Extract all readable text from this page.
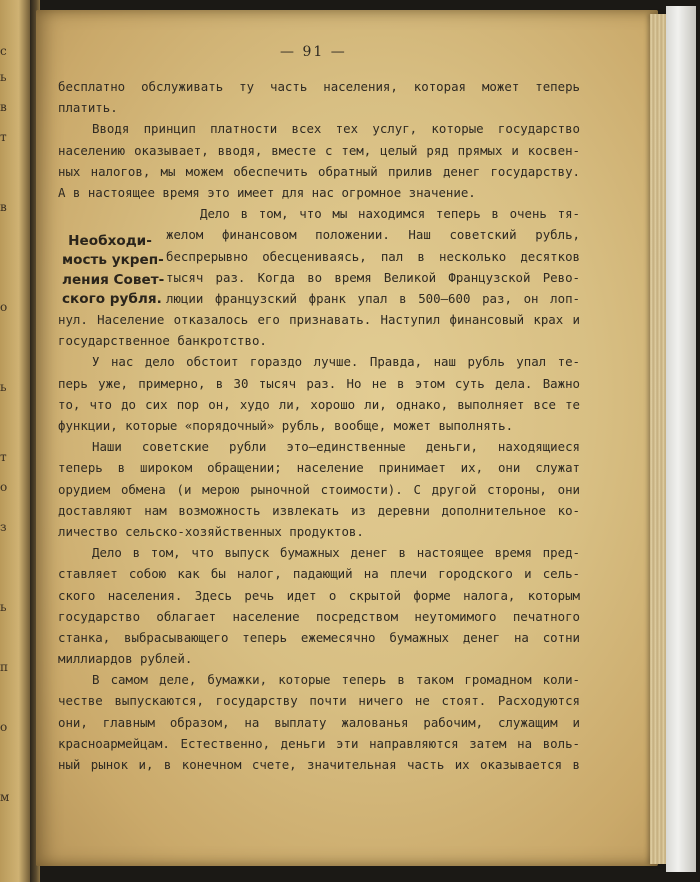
с
ь
в
т
в
о
ь
т
о
з
ь
п
о
м
— 91 —
бесплатно обслуживать ту часть населения, которая может теперь
платить.
Вводя принцип платности всех тех услуг, которые государство
населению оказывает, вводя, вместе с тем, целый ряд прямых и косвен-
ных налогов, мы можем обеспечить обратный прилив денег государству.
А в настоящее время это имеет для нас огромное значение.
Дело в том, что мы находимся теперь в очень тя-
желом финансовом положении. Наш советский рубль,
беспрерывно обесцениваясь, пал в несколько десятков
тысяч раз. Когда во время Великой Французской Рево-
люции французский франк упал в 500—600 раз, он лоп-
нул. Население отказалось его признавать. Наступил финансовый крах и
государственное банкротство.
У нас дело обстоит гораздо лучше. Правда, наш рубль упал те-
перь уже, примерно, в 30 тысяч раз. Но не в этом суть дела. Важно
то, что до сих пор он, худо ли, хорошо ли, однако, выполняет все те
функции, которые «порядочный» рубль, вообще, может выполнять.
Наши советские рубли это—единственные деньги, находящиеся
теперь в широком обращении; население принимает их, они служат
орудием обмена (и мерою рыночной стоимости). С другой стороны, они
доставляют нам возможность извлекать из деревни дополнительное ко-
личество сельско-хозяйственных продуктов.
Дело в том, что выпуск бумажных денег в настоящее время пред-
ставляет собою как бы налог, падающий на плечи городского и сель-
ского населения. Здесь речь идет о скрытой форме налога, которым
государство облагает население посредством неутомимого печатного
станка, выбрасывающего теперь ежемесячно бумажных денег на сотни
миллиардов рублей.
В самом деле, бумажки, которые теперь в таком громадном коли-
честве выпускаются, государству почти ничего не стоят. Расходуются
они, главным образом, на выплату жалованья рабочим, служащим и
красноармейцам. Естественно, деньги эти направляются затем на воль-
ный рынок и, в конечном счете, значительная часть их оказывается в
Необходи-
мость укреп-
ления Совет-
ского рубля.
